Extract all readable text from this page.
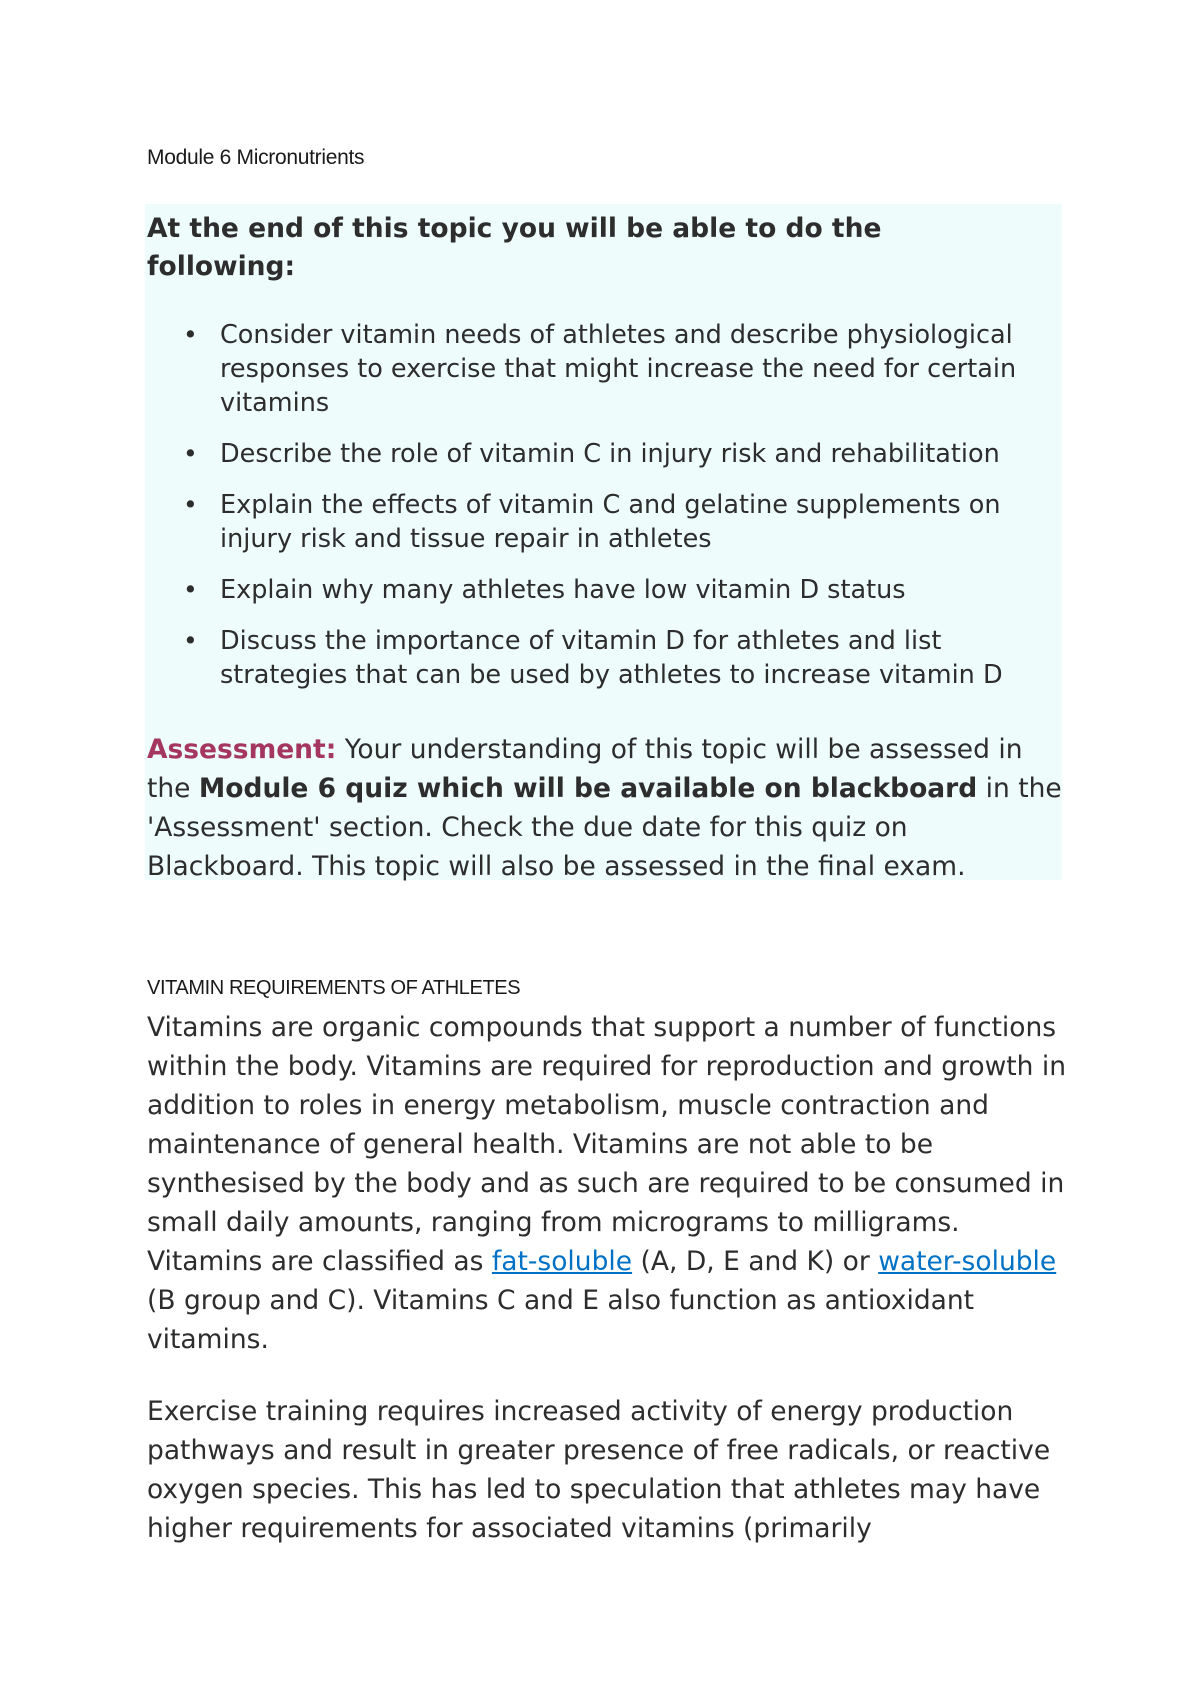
Module 6 Micronutrients
At the end of this topic you will be able to do the following:
• Consider vitamin needs of athletes and describe physiological responses to exercise that might increase the need for certain vitamins
• Describe the role of vitamin C in injury risk and rehabilitation
• Explain the effects of vitamin C and gelatine supplements on injury risk and tissue repair in athletes
• Explain why many athletes have low vitamin D status
• Discuss the importance of vitamin D for athletes and list strategies that can be used by athletes to increase vitamin D
Assessment: Your understanding of this topic will be assessed in the Module 6 quiz which will be available on blackboard in the 'Assessment' section. Check the due date for this quiz on Blackboard. This topic will also be assessed in the final exam.
VITAMIN REQUIREMENTS OF ATHLETES
Vitamins are organic compounds that support a number of functions within the body. Vitamins are required for reproduction and growth in addition to roles in energy metabolism, muscle contraction and maintenance of general health. Vitamins are not able to be synthesised by the body and as such are required to be consumed in small daily amounts, ranging from micrograms to milligrams. Vitamins are classified as fat-soluble (A, D, E and K) or water-soluble (B group and C). Vitamins C and E also function as antioxidant vitamins.
Exercise training requires increased activity of energy production pathways and result in greater presence of free radicals, or reactive oxygen species. This has led to speculation that athletes may have higher requirements for associated vitamins (primarily
